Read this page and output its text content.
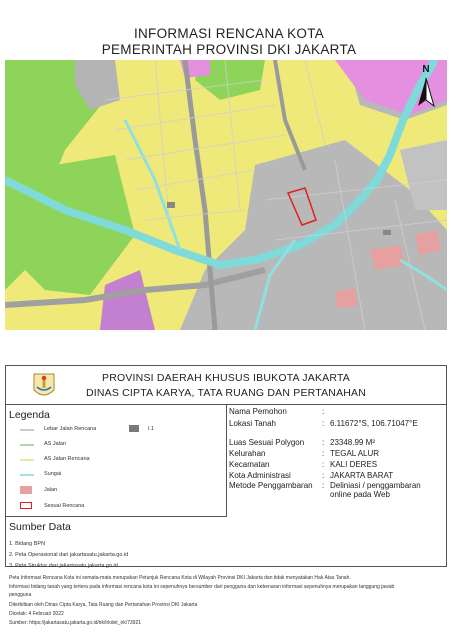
INFORMASI RENCANA KOTA
PEMERINTAH PROVINSI DKI JAKARTA
N
PROVINSI DAERAH KHUSUS IBUKOTA JAKARTA
DINAS CIPTA KARYA, TATA RUANG DAN PERTANAHAN
Legenda
Lebar Jalan Rencana
AS Jalan
AS Jalan Rencana
Sungai
Jalan
Sesuai Rencana
I.1
Sumber Data
1. Bidang BPN
2. Peta Operasional dari jakartasatu.jakarta.go.id
3. Peta Struktur dari jakartasatu.jakarta.go.id
Nama Pemohon	:
Lokasi Tanah	: 6.11672°S, 106.71047°E
Luas Sesuai Polygon : 23348.99 M²
Kelurahan	: TEGAL ALUR
Kecamatan	: KALI DERES
Kota Administrasi	: JAKARTA BARAT
Metode Penggambaran : Deliniasi / penggambaran online pada Web
Peta Informasi Rencana Kota ini semata-mata merupakan Petunjuk Rencana Kota di Wilayah Provinsi DKI Jakarta dan tidak menyatakan Hak Atas Tanah.
Informasi bidang tanah yang tertera pada informasi rencana kota ini sepenuhnya bersumber dari pengguna dan kebenaran informasi sepenuhnya merupakan tanggung jawab
pengguna
Diterbitkan oleh Dinas Cipta Karya, Tata Ruang dan Pertanahan Provinsi DKI Jakarta
Dicetak: 4 Februari 2022
Sumber: https://jakartasatu.jakarta.go.id/irk/irkdet_irk/73921
